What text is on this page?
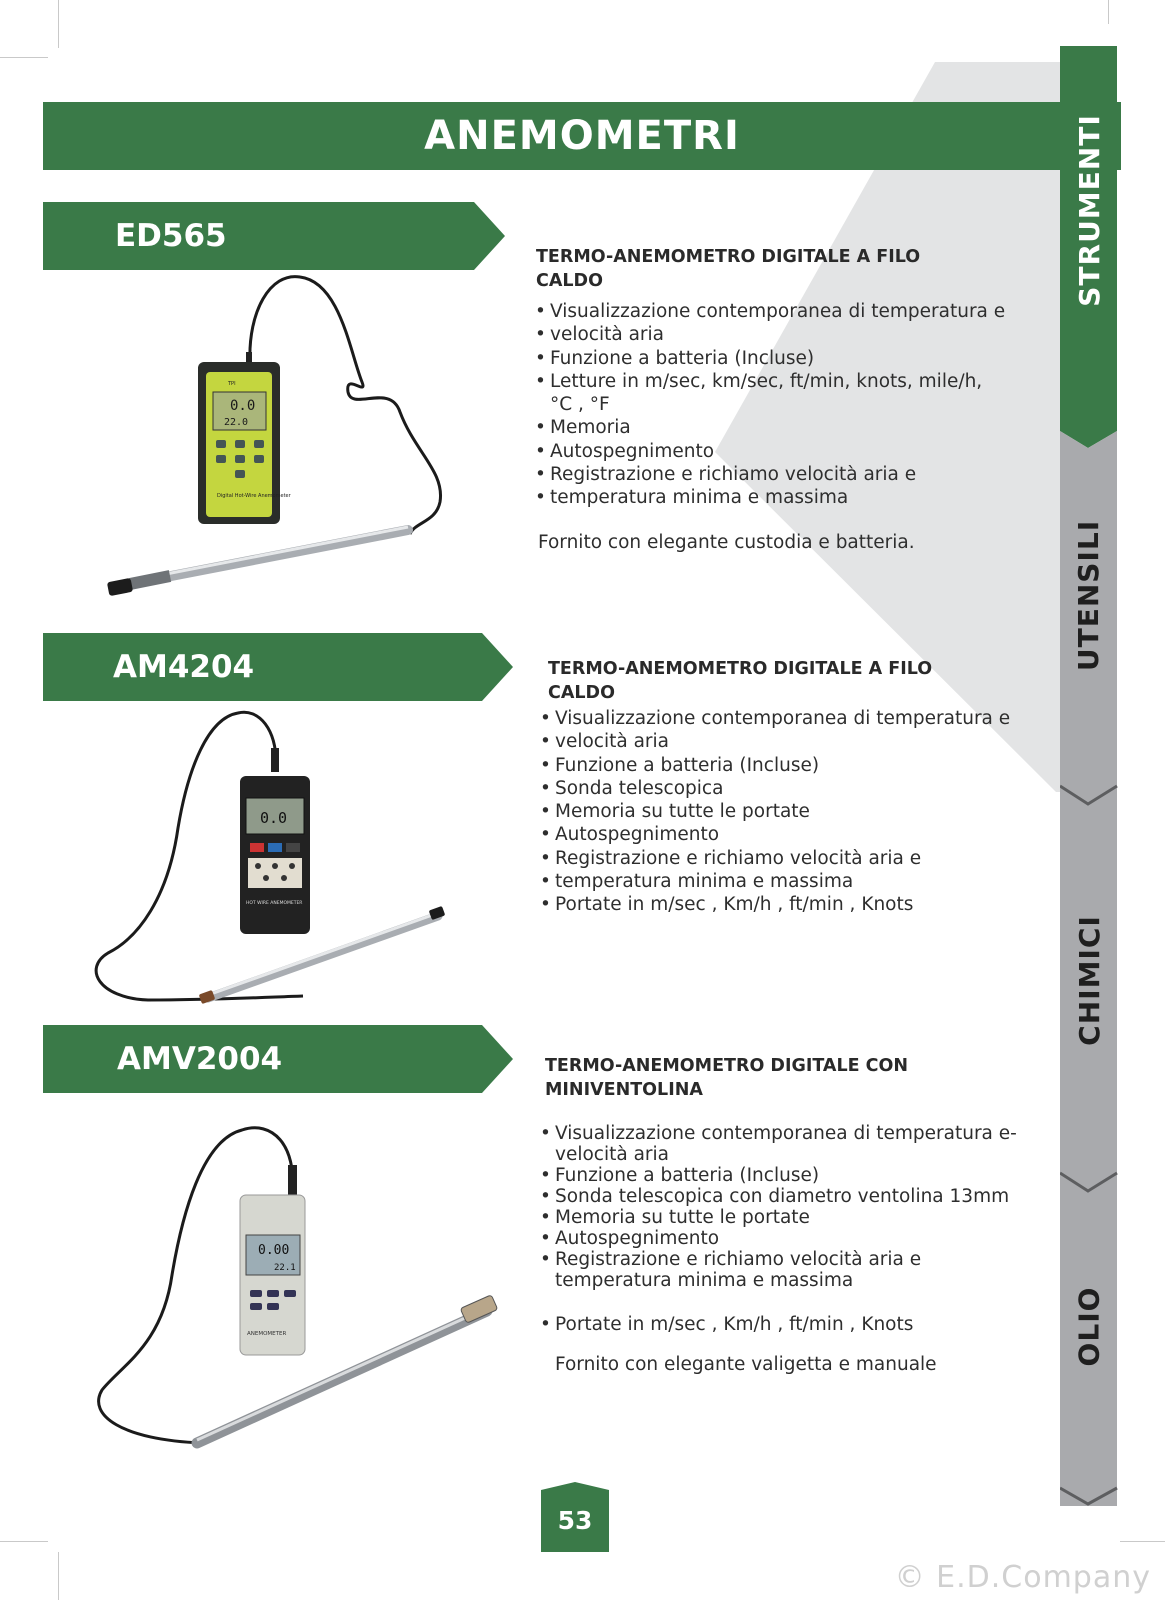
ANEMOMETRI	STRUMENTI
UTENSILI
CHIMICI
OLIO
ED565
TPI
0.0
22.0
Digital Hot-Wire Anemometer
TERMO-ANEMOMETRO DIGITALE A FILO CALDO
• Visualizzazione contemporanea di temperatura e
• velocità aria
• Funzione a batteria (Incluse)
• Letture in m/sec, km/sec, ft/min, knots, mile/h,
°C , °F
• Memoria
• Autospegnimento
• Registrazione e richiamo velocità aria e
• temperatura minima e massima
Fornito con elegante custodia e batteria.
AM4204
0.0
HOT WIRE ANEMOMETER
TERMO-ANEMOMETRO DIGITALE A FILO CALDO
• Visualizzazione contemporanea di temperatura e
• velocità aria
• Funzione a batteria (Incluse)
• Sonda telescopica
• Memoria su tutte le portate
• Autospegnimento
• Registrazione e richiamo velocità aria e
• temperatura minima e massima
• Portate in m/sec , Km/h , ft/min , Knots
AMV2004
0.00
22.1
ANEMOMETER
TERMO-ANEMOMETRO DIGITALE CON
MINIVENTOLINA
• Visualizzazione contemporanea di temperatura e-
velocità aria
• Funzione a batteria (Incluse)
• Sonda telescopica con diametro ventolina 13mm
• Memoria su tutte le portate
• Autospegnimento
• Registrazione e richiamo velocità aria e
temperatura minima e massima
• Portate in m/sec , Km/h , ft/min , Knots
Fornito con elegante valigetta e manuale
53
© E.D.Company
